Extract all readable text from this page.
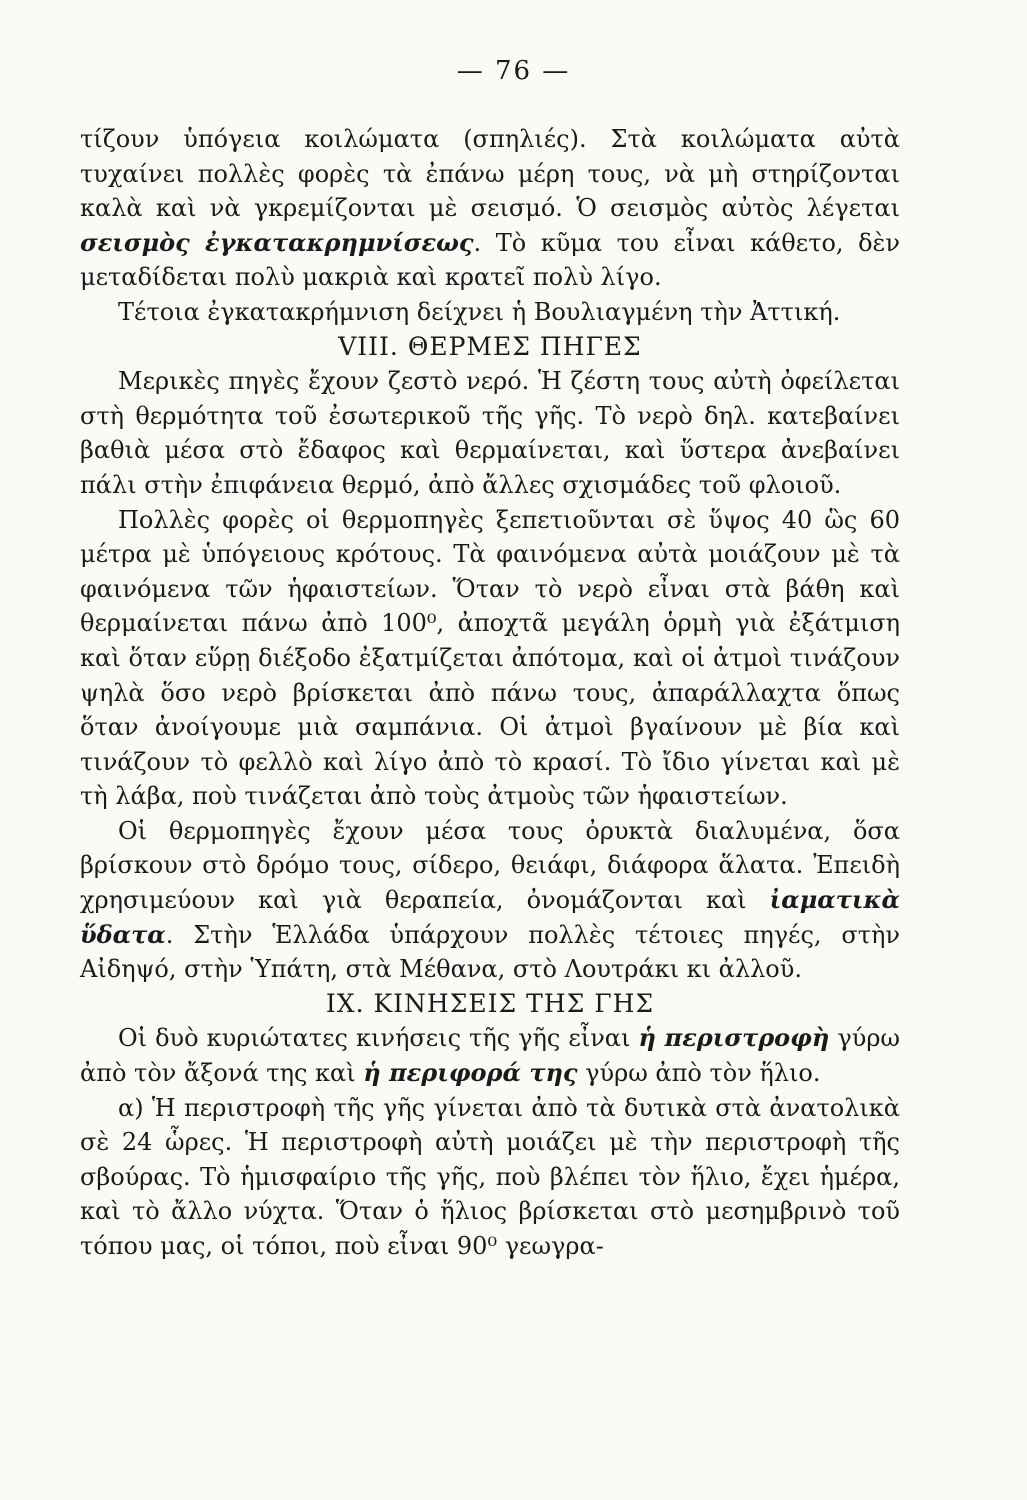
— 76 —

τίζουν ὑπόγεια κοιλώματα (σπηλιές). Στὰ κοιλώματα αὐτὰ τυχαίνει πολλὲς φορὲς τὰ ἐπάνω μέρη τους, νὰ μὴ στηρίζονται καλὰ καὶ νὰ γκρεμίζονται μὲ σεισμό. Ὁ σεισμὸς αὐτὸς λέγεται σεισμὸς ἐγκατακρημνίσεως. Τὸ κῦμα του εἶναι κάθετο, δὲν μεταδίδεται πολὺ μακριὰ καὶ κρατεῖ πολὺ λίγο.

Τέτοια ἐγκατακρήμνιση δείχνει ἡ Βουλιαγμένη τὴν Ἀττική.

VIII. ΘΕΡΜΕΣ ΠΗΓΕΣ

Μερικὲς πηγὲς ἔχουν ζεστὸ νερό. Ἡ ζέστη τους αὐτὴ ὀφείλεται στὴ θερμότητα τοῦ ἐσωτερικοῦ τῆς γῆς. Τὸ νερὸ δηλ. κατεβαίνει βαθιὰ μέσα στὸ ἔδαφος καὶ θερμαίνεται, καὶ ὕστερα ἀνεβαίνει πάλι στὴν ἐπιφάνεια θερμό, ἀπὸ ἄλλες σχισμάδες τοῦ φλοιοῦ.

Πολλὲς φορὲς οἱ θερμοπηγὲς ξεπετιοῦνται σὲ ὕψος 40 ὣς 60 μέτρα μὲ ὑπόγειους κρότους. Τὰ φαινόμενα αὐτὰ μοιάζουν μὲ τὰ φαινόμενα τῶν ἡφαιστείων. Ὅταν τὸ νερὸ εἶναι στὰ βάθη καὶ θερμαίνεται πάνω ἀπὸ 100⁰, ἀποχτᾶ μεγάλη ὁρμὴ γιὰ ἐξάτμιση καὶ ὅταν εὕρῃ διέξοδο ἐξατμίζεται ἀπότομα, καὶ οἱ ἀτμοὶ τινάζουν ψηλὰ ὅσο νερὸ βρίσκεται ἀπὸ πάνω τους, ἀπαράλλαχτα ὅπως ὅταν ἀνοίγουμε μιὰ σαμπάνια. Οἱ ἀτμοὶ βγαίνουν μὲ βία καὶ τινάζουν τὸ φελλὸ καὶ λίγο ἀπὸ τὸ κρασί. Τὸ ἴδιο γίνεται καὶ μὲ τὴ λάβα, ποὺ τινάζεται ἀπὸ τοὺς ἀτμοὺς τῶν ἡφαιστείων.

Οἱ θερμοπηγὲς ἔχουν μέσα τους ὀρυκτὰ διαλυμένα, ὅσα βρίσκουν στὸ δρόμο τους, σίδερο, θειάφι, διάφορα ἅλατα. Ἐπειδὴ χρησιμεύουν καὶ γιὰ θεραπεία, ὀνομάζονται καὶ ἰαματικὰ ὕδατα. Στὴν Ἑλλάδα ὑπάρχουν πολλὲς τέτοιες πηγές, στὴν Αἰδηψό, στὴν Ὑπάτη, στὰ Μέθανα, στὸ Λουτράκι κι ἀλλοῦ.

IX. ΚΙΝΗΣΕΙΣ ΤΗΣ ΓΗΣ

Οἱ δυὸ κυριώτατες κινήσεις τῆς γῆς εἶναι ἡ περιστροφὴ γύρω ἀπὸ τὸν ἄξονά της καὶ ἡ περιφορά της γύρω ἀπὸ τὸν ἥλιο.

α) Ἡ περιστροφὴ τῆς γῆς γίνεται ἀπὸ τὰ δυτικὰ στὰ ἀνατολικὰ σὲ 24 ὧρες. Ἡ περιστροφὴ αὐτὴ μοιάζει μὲ τὴν περιστροφὴ τῆς σβούρας. Τὸ ἡμισφαίριο τῆς γῆς, ποὺ βλέπει τὸν ἥλιο, ἔχει ἡμέρα, καὶ τὸ ἄλλο νύχτα. Ὅταν ὁ ἥλιος βρίσκεται στὸ μεσημβρινὸ τοῦ τόπου μας, οἱ τόποι, ποὺ εἶναι 90⁰ γεωγρα-
